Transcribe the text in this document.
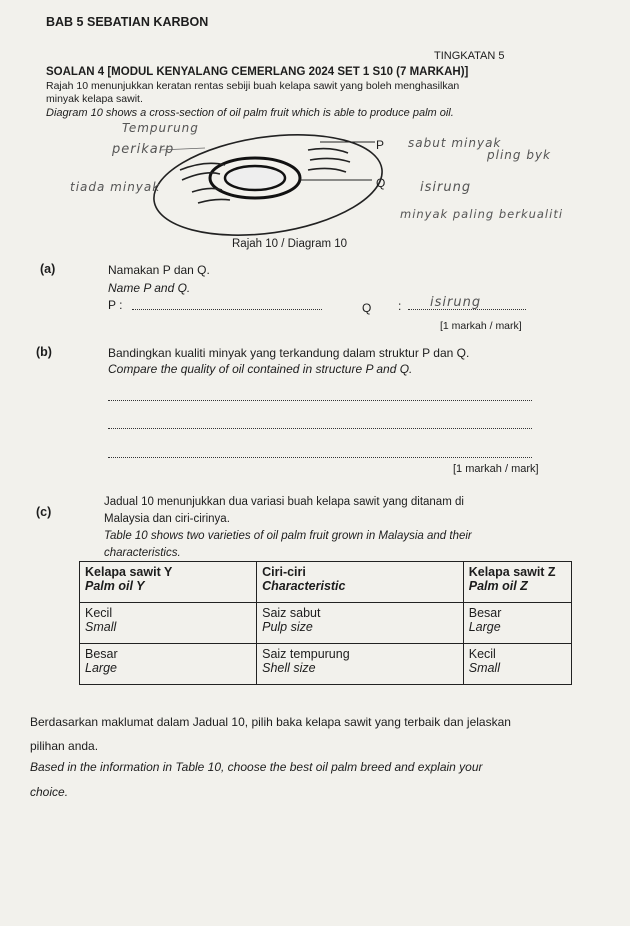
BAB 5 SEBATIAN KARBON
TINGKATAN 5
SOALAN 4 [MODUL KENYALANG CEMERLANG 2024 SET 1 S10 (7 MARKAH)]
Rajah 10 menunjukkan keratan rentas sebiji buah kelapa sawit yang boleh menghasilkan
minyak kelapa sawit.
Diagram 10 shows a cross-section of oil palm fruit which is able to produce palm oil.
P
Q
Rajah 10 / Diagram 10
Tempurung
perikarp
tiada minyak
sabut minyak
pling byk
isirung
minyak paling berkualiti
(a)	Namakan P dan Q.
Name P and Q.
P :	Q : isirung
[1 markah / mark]
(b)	Bandingkan kualiti minyak yang terkandung dalam struktur P dan Q.
Compare the quality of oil contained in structure P and Q.
[1 markah / mark]
(c)
Jadual 10 menunjukkan dua variasi buah kelapa sawit yang ditanam di
Malaysia dan ciri-cirinya.
Table 10 shows two varieties of oil palm fruit grown in Malaysia and their
characteristics.
Kelapa sawit Y
Palm oil Y	Ciri-ciri
Characteristic	Kelapa sawit Z
Palm oil Z

Kecil
Small	Saiz sabut
Pulp size	Besar
Large

Besar
Large	Saiz tempurung
Shell size	Kecil
Small
Berdasarkan maklumat dalam Jadual 10, pilih baka kelapa sawit yang terbaik dan jelaskan
pilihan anda.
Based in the information in Table 10, choose the best oil palm breed and explain your
choice.
